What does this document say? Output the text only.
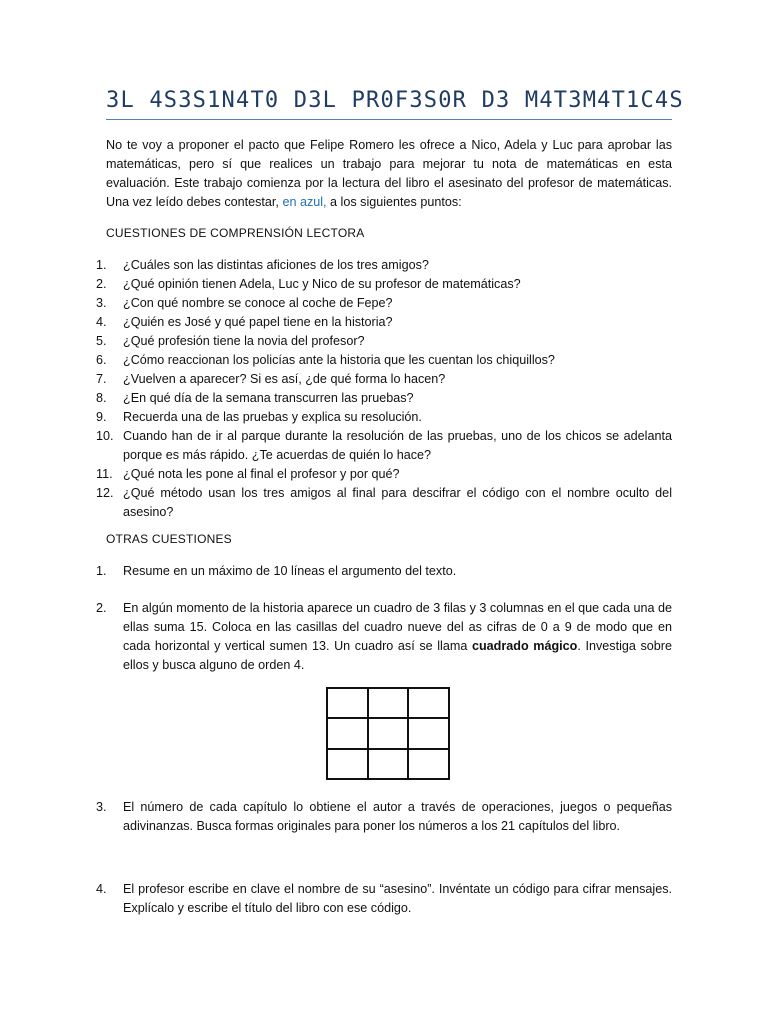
3L 4S3S1N4T0 D3L PR0F3S0R D3 M4T3M4T1C4S

No te voy a proponer el pacto que Felipe Romero les ofrece a Nico, Adela y Luc para aprobar las matemáticas, pero sí que realices un trabajo para mejorar tu nota de matemáticas en esta evaluación. Este trabajo comienza por la lectura del libro el asesinato del profesor de matemáticas. Una vez leído debes contestar, en azul, a los siguientes puntos:

CUESTIONES DE COMPRENSIÓN LECTORA

1.	¿Cuáles son las distintas aficiones de los tres amigos?
2.	¿Qué opinión tienen Adela, Luc y Nico de su profesor de matemáticas?
3.	¿Con qué nombre se conoce al coche de Fepe?
4.	¿Quién es José y qué papel tiene en la historia?
5.	¿Qué profesión tiene la novia del profesor?
6.	¿Cómo reaccionan los policías ante la historia que les cuentan los chiquillos?
7.	¿Vuelven a aparecer? Si es así, ¿de qué forma lo hacen?
8.	¿En qué día de la semana transcurren las pruebas?
9.	Recuerda una de las pruebas y explica su resolución.
10. Cuando han de ir al parque durante la resolución de las pruebas, uno de los chicos se adelanta porque es más rápido. ¿Te acuerdas de quién lo hace?
11. ¿Qué nota les pone al final el profesor y por qué?
12. ¿Qué método usan los tres amigos al final para descifrar el código con el nombre oculto del asesino?

OTRAS CUESTIONES

1.	Resume en un máximo de 10 líneas el argumento del texto.
2.	En algún momento de la historia aparece un cuadro de 3 filas y 3 columnas en el que cada una de ellas suma 15. Coloca en las casillas del cuadro nueve del as cifras de 0 a 9 de modo que en cada horizontal y vertical sumen 13. Un cuadro así se llama cuadrado mágico. Investiga sobre ellos y busca alguno de orden 4.
3.	El número de cada capítulo lo obtiene el autor a través de operaciones, juegos o pequeñas adivinanzas. Busca formas originales para poner los números a los 21 capítulos del libro.
4.	El profesor escribe en clave el nombre de su “asesino”. Invéntate un código para cifrar mensajes. Explícalo y escribe el título del libro con ese código.
